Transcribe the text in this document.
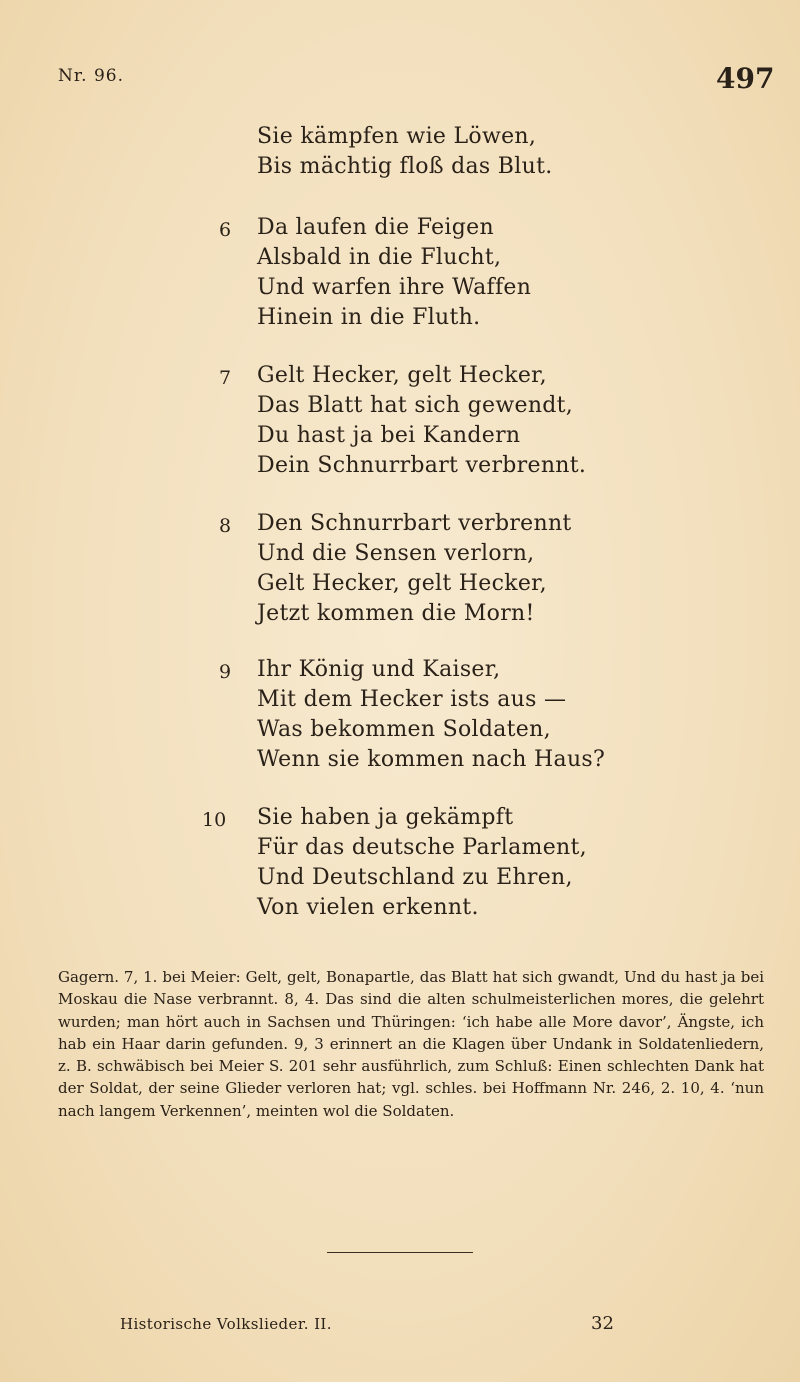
Nr. 96.	497
Sie kämpfen wie Löwen,
Bis mächtig floß das Blut.
6 Da laufen die Feigen
Alsbald in die Flucht,
Und warfen ihre Waffen
Hinein in die Fluth.
7 Gelt Hecker, gelt Hecker,
Das Blatt hat sich gewendt,
Du hast ja bei Kandern
Dein Schnurrbart verbrennt.
8 Den Schnurrbart verbrennt
Und die Sensen verlorn,
Gelt Hecker, gelt Hecker,
Jetzt kommen die Morn!
9 Ihr König und Kaiser,
Mit dem Hecker ists aus —
Was bekommen Soldaten,
Wenn sie kommen nach Haus?
10 Sie haben ja gekämpft
Für das deutsche Parlament,
Und Deutschland zu Ehren,
Von vielen erkennt.

Gagern. 7, 1. bei Meier: Gelt, gelt, Bonapartle, das Blatt hat sich gwandt, Und du hast ja bei Moskau die Nase verbrannt. 8, 4. Das sind die alten schulmeisterlichen mores, die gelehrt wurden; man hört auch in Sachsen und Thüringen: ‘ich habe alle More davor’, Ängste, ich hab ein Haar darin gefunden. 9, 3 erinnert an die Klagen über Undank in Soldatenliedern, z. B. schwäbisch bei Meier S. 201 sehr ausführlich, zum Schluß: Einen schlechten Dank hat der Soldat, der seine Glieder verloren hat; vgl. schles. bei Hoffmann Nr. 246, 2. 10, 4. ‘nun nach langem Verkennen’, meinten wol die Soldaten.

Historische Volkslieder. II.	32
